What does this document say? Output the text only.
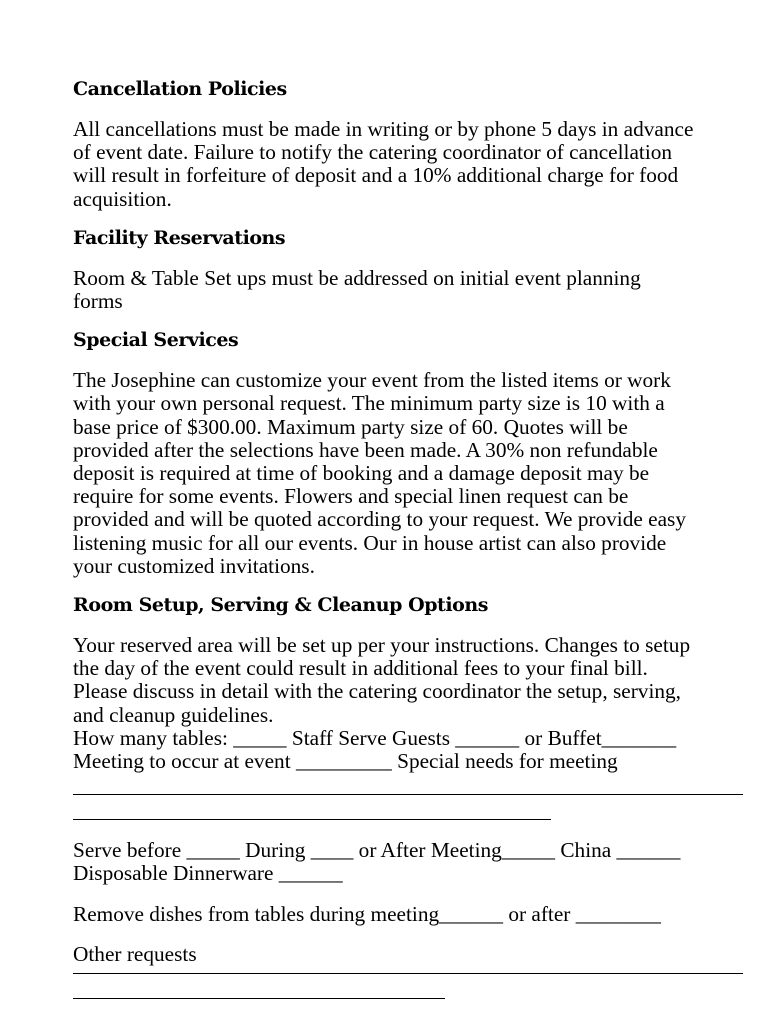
Cancellation Policies
All cancellations must be made in writing or by phone 5 days in advance
of event date. Failure to notify the catering coordinator of cancellation
will result in forfeiture of deposit and a 10% additional charge for food
acquisition.
Facility Reservations
Room & Table Set ups must be addressed on initial event planning
forms
Special Services
The Josephine can customize your event from the listed items or work
with your own personal request. The minimum party size is 10 with a
base price of $300.00. Maximum party size of 60. Quotes will be
provided after the selections have been made. A 30% non refundable
deposit is required at time of booking and a damage deposit may be
require for some events. Flowers and special linen request can be
provided and will be quoted according to your request. We provide easy
listening music for all our events. Our in house artist can also provide
your customized invitations.
Room Setup, Serving & Cleanup Options
Your reserved area will be set up per your instructions. Changes to setup
the day of the event could result in additional fees to your final bill.
Please discuss in detail with the catering coordinator the setup, serving,
and cleanup guidelines.
How many tables: _____ Staff Serve Guests ______ or Buffet_______
Meeting to occur at event _________ Special needs for meeting
Serve before _____ During ____ or After Meeting_____ China ______
Disposable Dinnerware ______
Remove dishes from tables during meeting______ or after ________
Other requests
